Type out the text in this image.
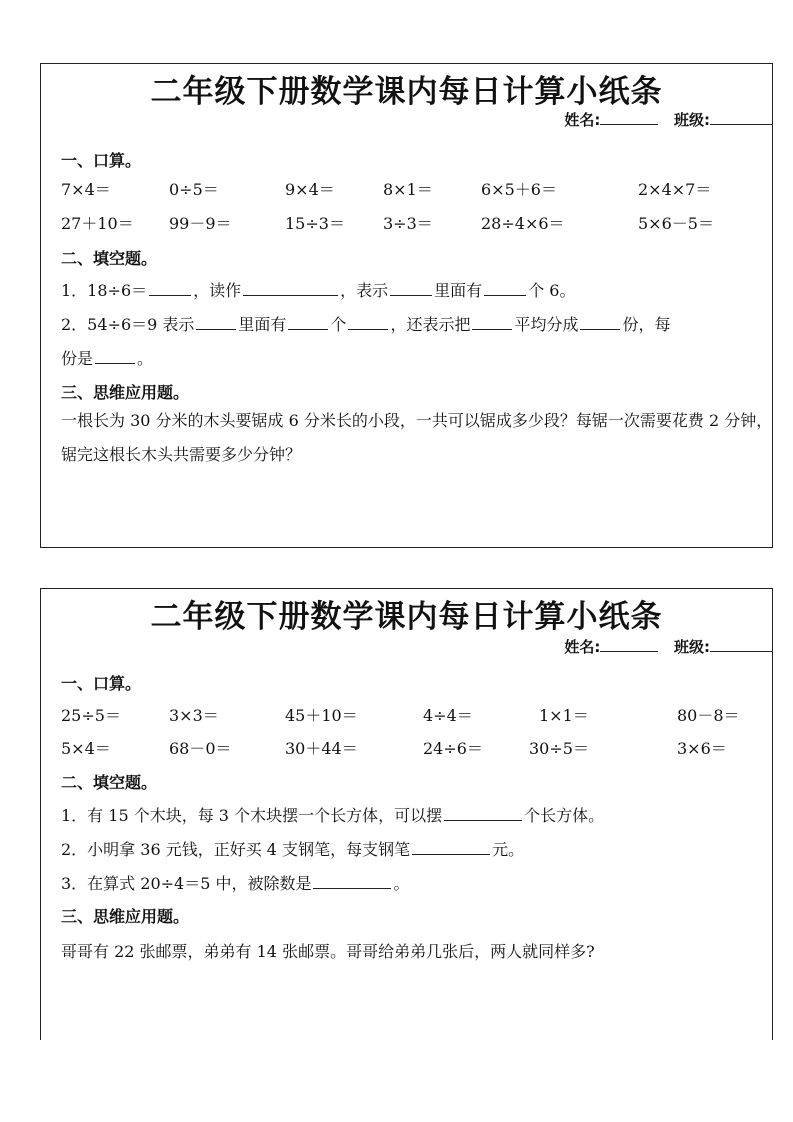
二年级下册数学课内每日计算小纸条
姓名:	班级:
一、口算。
7×4＝	0÷5＝	9×4＝	8×1＝	6×5＋6＝	2×4×7＝
27＋10＝ 99－9＝	15÷3＝ 3÷3＝	28÷4×6＝	5×6－5＝
二、填空题。
1．18÷6＝	，读作	，表示	里面有	个 6。
2．54÷6＝9 表示	里面有	个	，还表示把	平均分成	份，每
份是	。
三、思维应用题。
一根长为 30 分米的木头要锯成 6 分米长的小段，一共可以锯成多少段？每锯一次需要花费 2 分钟，锯完这根长木头共需要多少分钟？
二年级下册数学课内每日计算小纸条
姓名:	班级:
一、口算。
25÷5＝	3×3＝	45＋10＝	4÷4＝	1×1＝	80－8＝
5×4＝	68－0＝	30＋44＝	24÷6＝	30÷5＝	3×6＝
二、填空题。
1．有 15 个木块，每 3 个木块摆一个长方体，可以摆	个长方体。
2．小明拿 36 元钱，正好买 4 支钢笔，每支钢笔	元。
3．在算式 20÷4＝5 中，被除数是	。
三、思维应用题。
哥哥有 22 张邮票，弟弟有 14 张邮票。哥哥给弟弟几张后，两人就同样多?
